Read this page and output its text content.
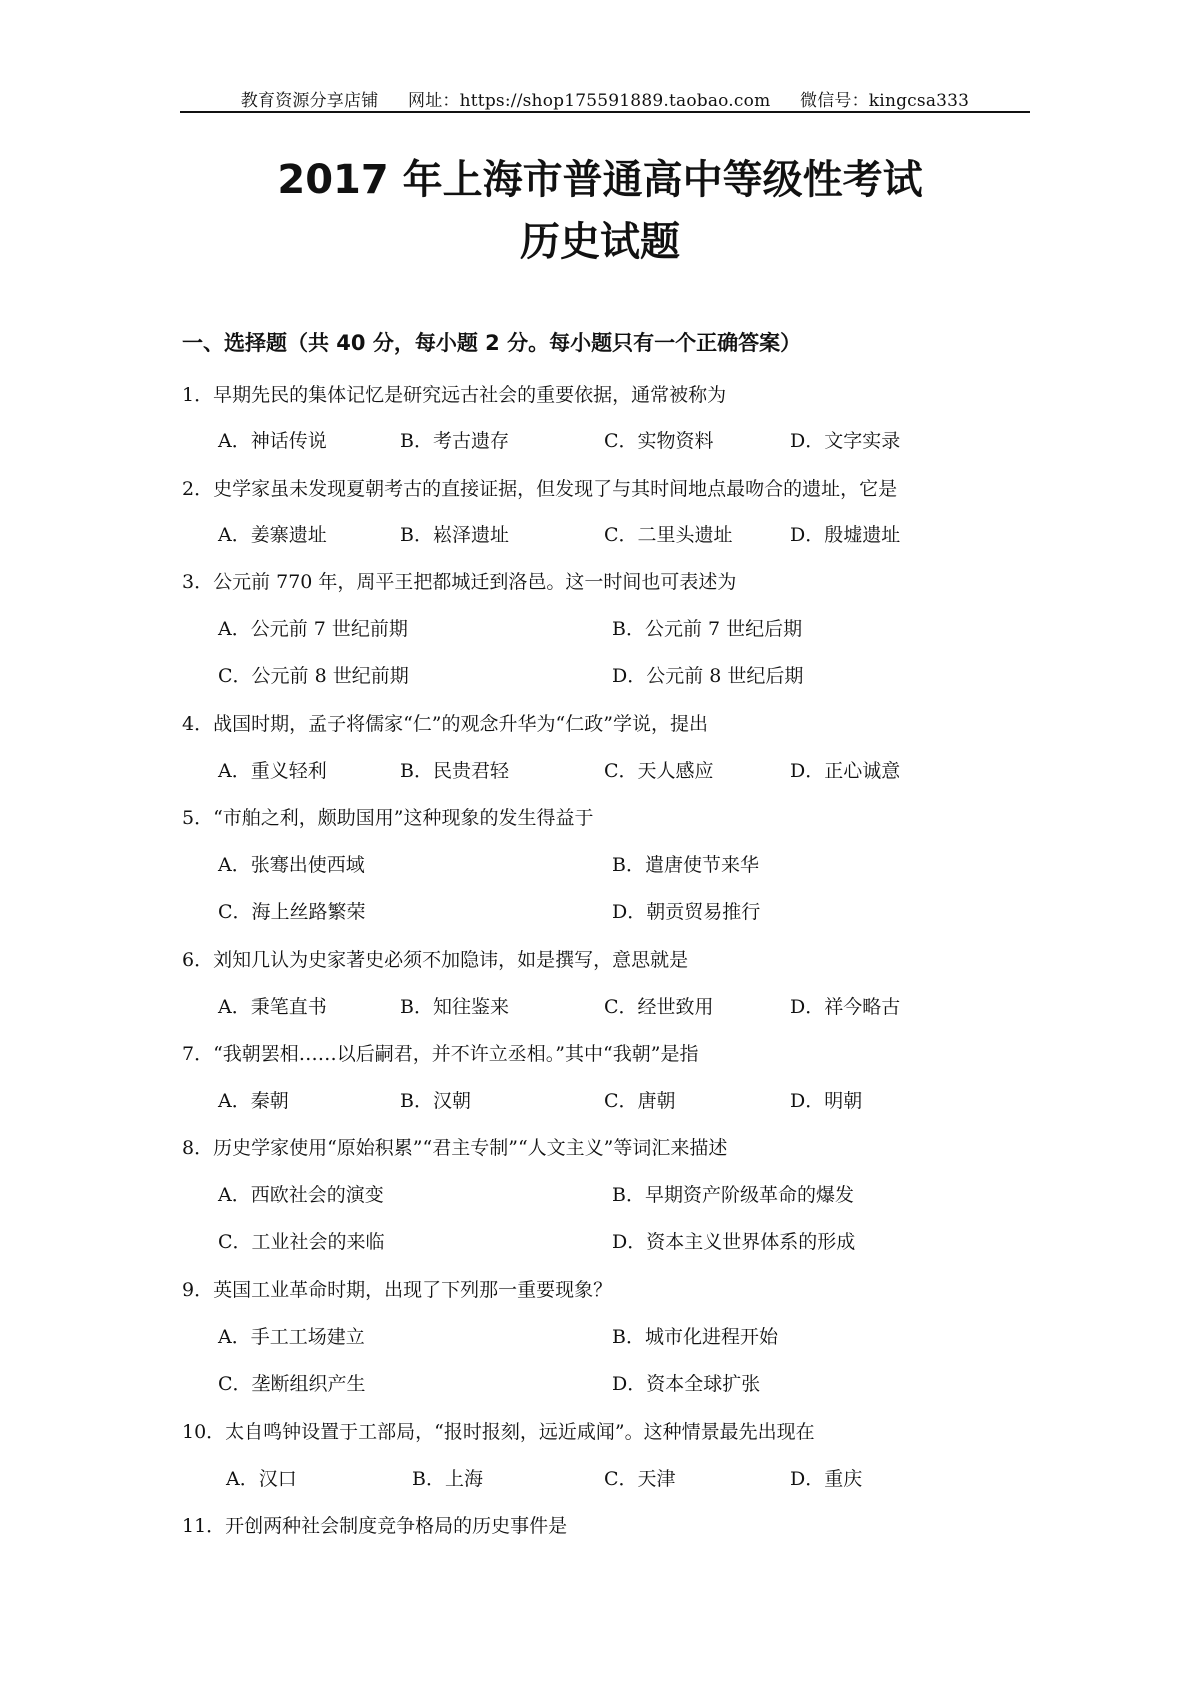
教育资源分享店铺 网址：https://shop175591889.taobao.com 微信号：kingcsa333
2017 年上海市普通高中等级性考试
历史试题
一、选择题（共 40 分，每小题 2 分。每小题只有一个正确答案）
1．早期先民的集体记忆是研究远古社会的重要依据，通常被称为
A．神话传说	B．考古遗存	C．实物资料	D．文字实录
2．史学家虽未发现夏朝考古的直接证据，但发现了与其时间地点最吻合的遗址，它是
A．姜寨遗址	B．崧泽遗址	C．二里头遗址	D．殷墟遗址
3．公元前 770 年，周平王把都城迁到洛邑。这一时间也可表述为
A．公元前 7 世纪前期	B．公元前 7 世纪后期
C．公元前 8 世纪前期	D．公元前 8 世纪后期
4．战国时期，孟子将儒家“仁”的观念升华为“仁政”学说，提出
A．重义轻利	B．民贵君轻	C．天人感应	D．正心诚意
5．“市舶之利，颇助国用”这种现象的发生得益于
A．张骞出使西域	B．遣唐使节来华
C．海上丝路繁荣	D．朝贡贸易推行
6．刘知几认为史家著史必须不加隐讳，如是撰写，意思就是
A．秉笔直书	B．知往鉴来	C．经世致用	D．祥今略古
7．“我朝罢相……以后嗣君，并不许立丞相。”其中“我朝”是指
A．秦朝	B．汉朝	C．唐朝	D．明朝
8．历史学家使用“原始积累”“君主专制”“人文主义”等词汇来描述
A．西欧社会的演变	B．早期资产阶级革命的爆发
C．工业社会的来临	D．资本主义世界体系的形成
9．英国工业革命时期，出现了下列那一重要现象？
A．手工工场建立	B．城市化进程开始
C．垄断组织产生	D．资本全球扩张
10．太自鸣钟设置于工部局，“报时报刻，远近咸闻”。这种情景最先出现在
A．汉口	B．上海	C．天津	D．重庆
11．开创两种社会制度竞争格局的历史事件是
